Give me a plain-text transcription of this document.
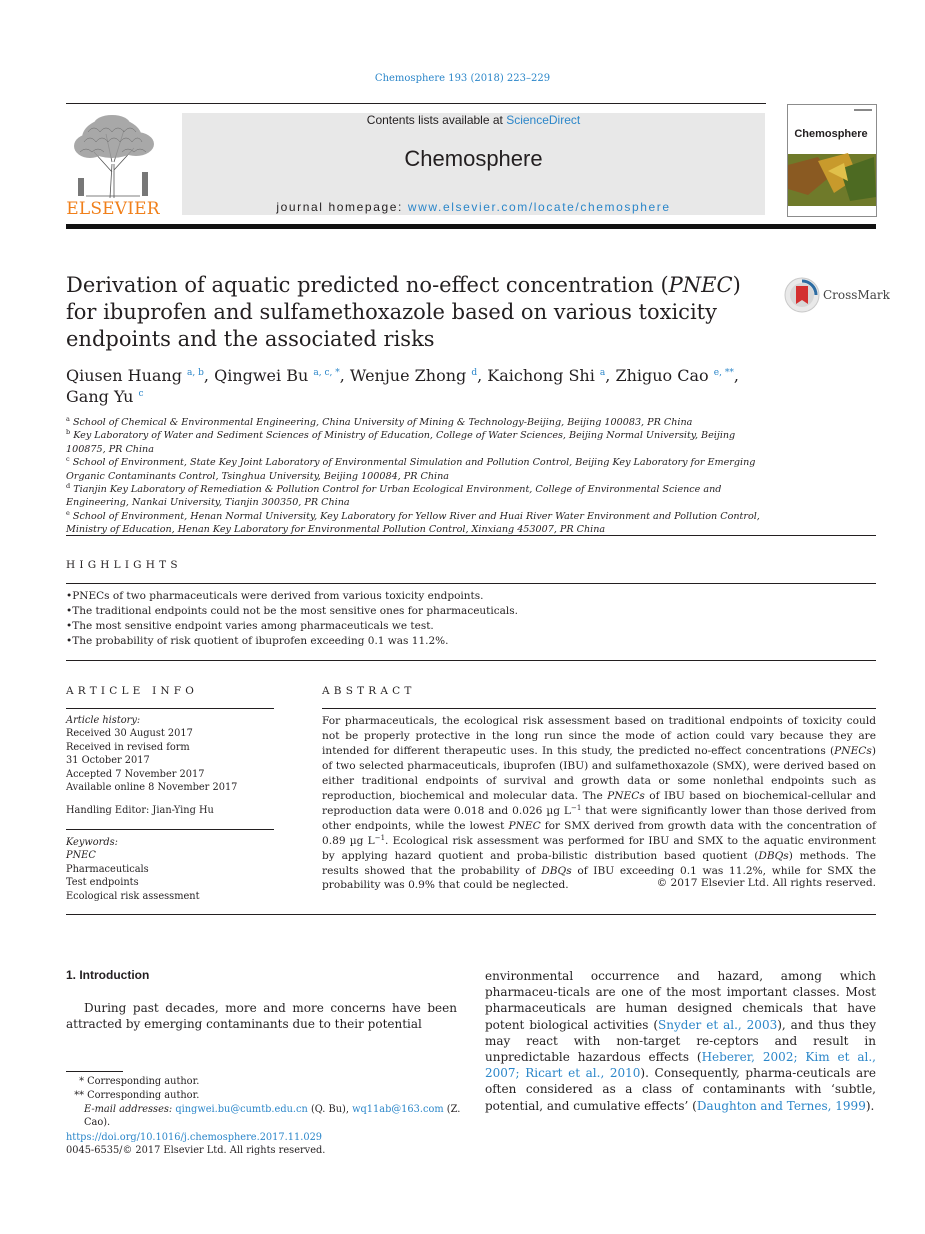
Chemosphere 193 (2018) 223–229
ELSEVIER
Contents lists available at ScienceDirect
Chemosphere
journal homepage: www.elsevier.com/locate/chemosphere
Chemosphere
Derivation of aquatic predicted no-effect concentration (PNEC) for ibuprofen and sulfamethoxazole based on various toxicity endpoints and the associated risks
CrossMark
Qiusen Huang $^{a, b}$, Qingwei Bu $^{a, c, *}$, Wenjue Zhong $^d$, Kaichong Shi $^a$, Zhiguo Cao $^{e, **}$,
Gang Yu $^c$
$^a$ School of Chemical & Environmental Engineering, China University of Mining & Technology-Beijing, Beijing 100083, PR China
$^b$ Key Laboratory of Water and Sediment Sciences of Ministry of Education, College of Water Sciences, Beijing Normal University, Beijing 100875, PR China
$^c$ School of Environment, State Key Joint Laboratory of Environmental Simulation and Pollution Control, Beijing Key Laboratory for Emerging Organic Contaminants Control, Tsinghua University, Beijing 100084, PR China
$^d$ Tianjin Key Laboratory of Remediation & Pollution Control for Urban Ecological Environment, College of Environmental Science and Engineering, Nankai University, Tianjin 300350, PR China
$^e$ School of Environment, Henan Normal University, Key Laboratory for Yellow River and Huai River Water Environment and Pollution Control, Ministry of Education, Henan Key Laboratory for Environmental Pollution Control, Xinxiang 453007, PR China
HIGHLIGHTS
• PNECs of two pharmaceuticals were derived from various toxicity endpoints.
• The traditional endpoints could not be the most sensitive ones for pharmaceuticals.
• The most sensitive endpoint varies among pharmaceuticals we test.
• The probability of risk quotient of ibuprofen exceeding 0.1 was 11.2%.
ARTICLE INFO
Article history:
Received 30 August 2017
Received in revised form
31 October 2017
Accepted 7 November 2017
Available online 8 November 2017
Handling Editor: Jian-Ying Hu
Keywords:
PNEC
Pharmaceuticals
Test endpoints
Ecological risk assessment
ABSTRACT
For pharmaceuticals, the ecological risk assessment based on traditional endpoints of toxicity could not be properly protective in the long run since the mode of action could vary because they are intended for different therapeutic uses. In this study, the predicted no-effect concentrations (PNECs) of two selected pharmaceuticals, ibuprofen (IBU) and sulfamethoxazole (SMX), were derived based on either traditional endpoints of survival and growth data or some nonlethal endpoints such as reproduction, biochemical and molecular data. The PNECs of IBU based on biochemical-cellular and reproduction data were 0.018 and 0.026 µg $L^{-1}$ that were significantly lower than those derived from other endpoints, while the lowest PNEC for SMX derived from growth data with the concentration of 0.89 µg $L^{-1}$. Ecological risk assessment was performed for IBU and SMX to the aquatic environment by applying hazard quotient and proba-bilistic distribution based quotient (DBQs) methods. The results showed that the probability of DBQs of IBU exceeding 0.1 was 11.2%, while for SMX the probability was 0.9% that could be neglected.	© 2017 Elsevier Ltd. All rights reserved.
1. Introduction
During past decades, more and more concerns have been attracted by emerging contaminants due to their potential
environmental occurrence and hazard, among which pharmaceu-ticals are one of the most important classes. Most pharmaceuticals are human designed chemicals that have potent biological activities (Snyder et al., 2003), and thus they may react with non-target re-ceptors and result in unpredictable hazardous effects (Heberer, 2002; Kim et al., 2007; Ricart et al., 2010). Consequently, pharma-ceuticals are often considered as a class of contaminants with ‘subtle, potential, and cumulative effects’ (Daughton and Ternes, 1999).
* Corresponding author.
** Corresponding author.
E-mail addresses: qingwei.bu@cumtb.edu.cn (Q. Bu), wq11ab@163.com (Z. Cao).
https://doi.org/10.1016/j.chemosphere.2017.11.029
0045-6535/© 2017 Elsevier Ltd. All rights reserved.
